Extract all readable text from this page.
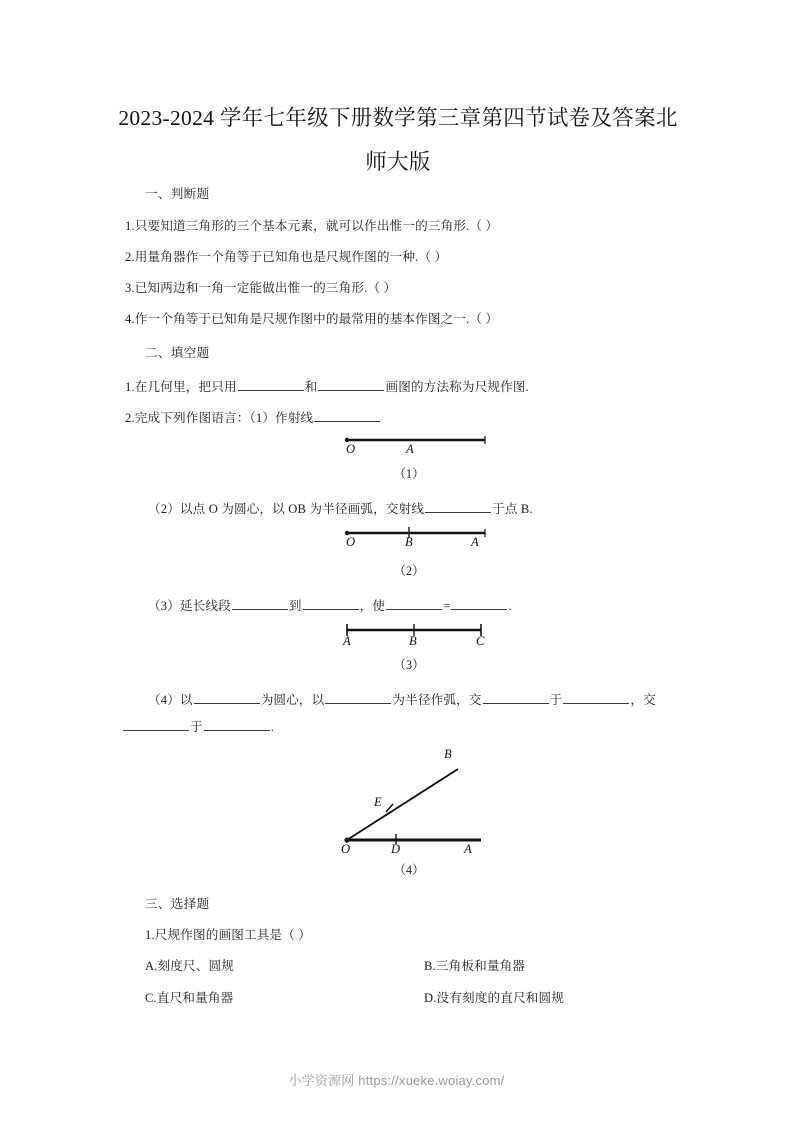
2023-2024 学年七年级下册数学第三章第四节试卷及答案北
师大版
一、判断题
1.只要知道三角形的三个基本元素，就可以作出惟一的三角形.（ ）
2.用量角器作一个角等于已知角也是尺规作图的一种.（ ）
3.已知两边和一角一定能做出惟一的三角形.（ ）
4.作一个角等于已知角是尺规作图中的最常用的基本作图之一.（ ）
二、填空题
1.在几何里，把只用	和	画图的方法称为尺规作图.
2.完成下列作图语言：（1）作射线
O	A
（1）
（2）以点 O 为圆心，以 OB 为半径画弧，交射线	于点 B.
O	B	A
（2）
（3）延长线段	到	，使	=	.
A	B	C
（3）
（4）以	为圆心，以	为半径作弧，交	于	，交
于	.
O	D	A
E
B
（4）
三、选择题
1.尺规作图的画图工具是（ ）
A.刻度尺、圆规	B.三角板和量角器
C.直尺和量角器	D.没有刻度的直尺和圆规
小学资源网 https://xueke.woiay.com/
